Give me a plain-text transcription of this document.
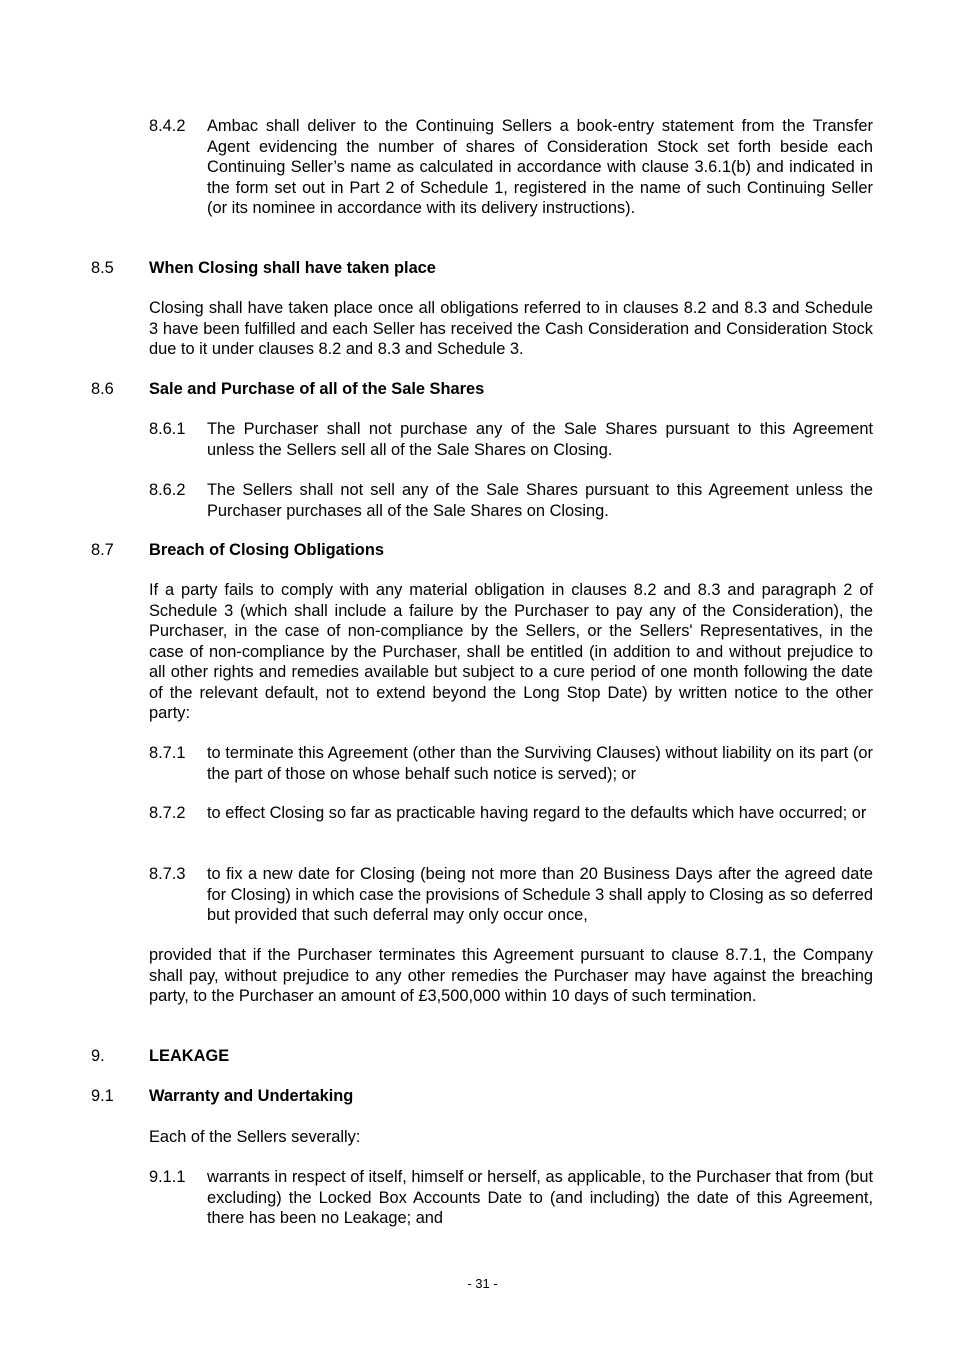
8.4.2 Ambac shall deliver to the Continuing Sellers a book-entry statement from the Transfer Agent evidencing the number of shares of Consideration Stock set forth beside each Continuing Seller’s name as calculated in accordance with clause 3.6.1(b) and indicated in the form set out in Part 2 of Schedule 1, registered in the name of such Continuing Seller (or its nominee in accordance with its delivery instructions).

8.5 When Closing shall have taken place

Closing shall have taken place once all obligations referred to in clauses 8.2 and 8.3 and Schedule 3 have been fulfilled and each Seller has received the Cash Consideration and Consideration Stock due to it under clauses 8.2 and 8.3 and Schedule 3.

8.6 Sale and Purchase of all of the Sale Shares
8.6.1 The Purchaser shall not purchase any of the Sale Shares pursuant to this Agreement unless the Sellers sell all of the Sale Shares on Closing.

8.6.2 The Sellers shall not sell any of the Sale Shares pursuant to this Agreement unless the Purchaser purchases all of the Sale Shares on Closing.

8.7 Breach of Closing Obligations

If a party fails to comply with any material obligation in clauses 8.2 and 8.3 and paragraph 2 of Schedule 3 (which shall include a failure by the Purchaser to pay any of the Consideration), the Purchaser, in the case of non-compliance by the Sellers, or the Sellers' Representatives, in the case of non-compliance by the Purchaser, shall be entitled (in addition to and without prejudice to all other rights and remedies available but subject to a cure period of one month following the date of the relevant default, not to extend beyond the Long Stop Date) by written notice to the other party:

8.7.1 to terminate this Agreement (other than the Surviving Clauses) without liability on its part (or the part of those on whose behalf such notice is served); or

8.7.2 to effect Closing so far as practicable having regard to the defaults which have occurred; or

8.7.3 to fix a new date for Closing (being not more than 20 Business Days after the agreed date for Closing) in which case the provisions of Schedule 3 shall apply to Closing as so deferred but provided that such deferral may only occur once,

provided that if the Purchaser terminates this Agreement pursuant to clause 8.7.1, the Company shall pay, without prejudice to any other remedies the Purchaser may have against the breaching party, to the Purchaser an amount of £3,500,000 within 10 days of such termination.

9.	LEAKAGE
9.1 Warranty and Undertaking

Each of the Sellers severally:

9.1.1 warrants in respect of itself, himself or herself, as applicable, to the Purchaser that from (but excluding) the Locked Box Accounts Date to (and including) the date of this Agreement, there has been no Leakage; and

- 31 -
